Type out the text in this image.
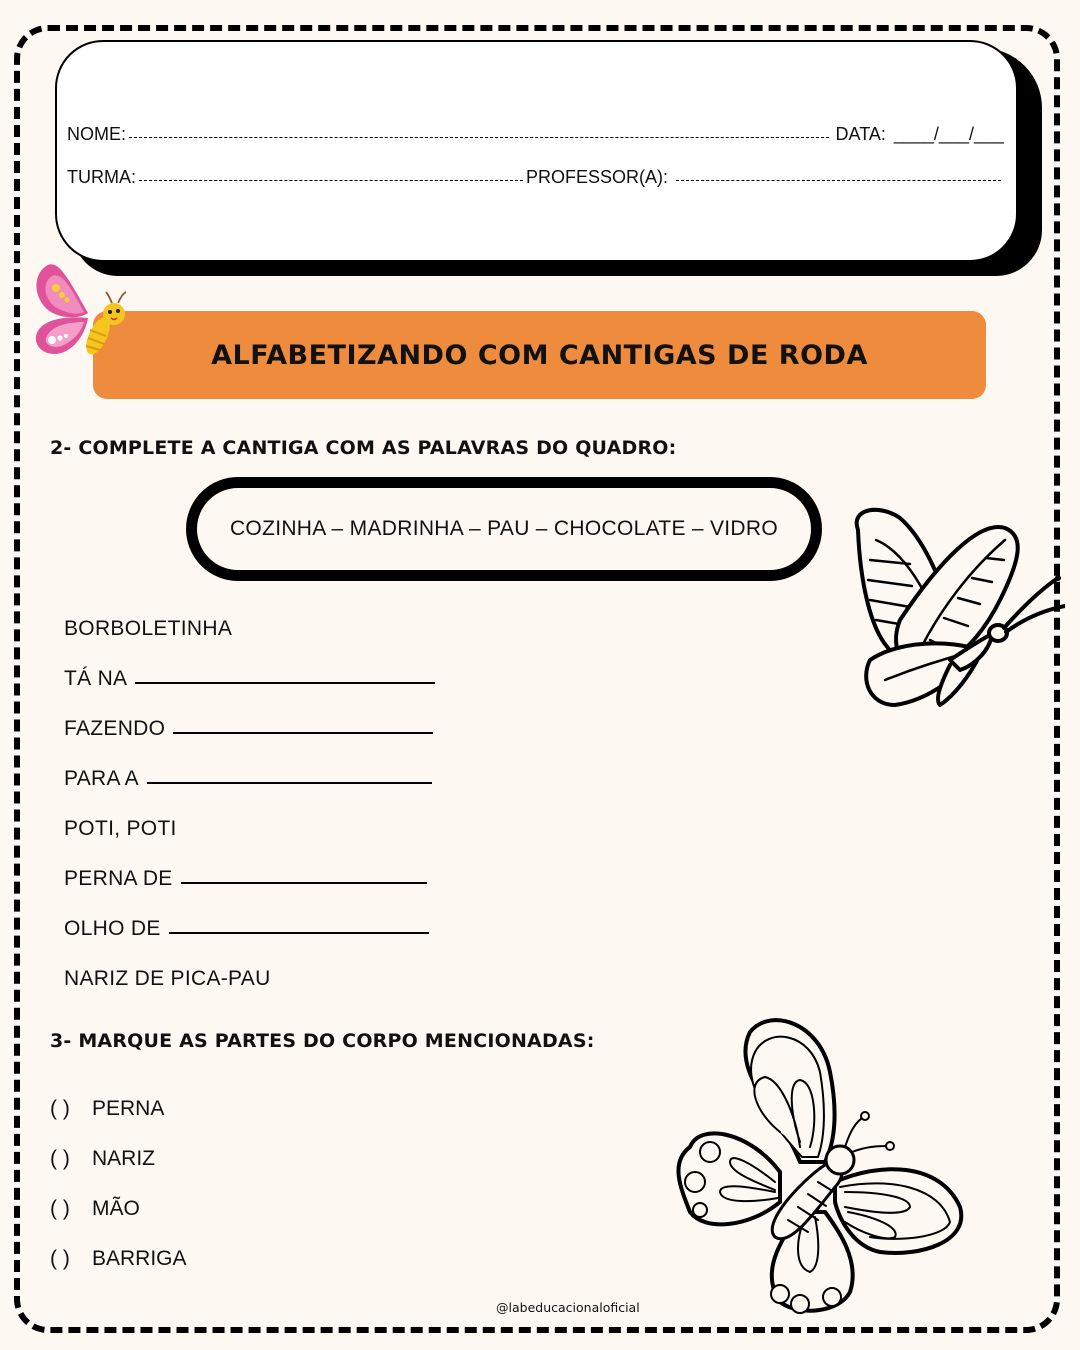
NOME:	DATA: ____/___/___
TURMA:	PROFESSOR(A):
ALFABETIZANDO COM CANTIGAS DE RODA
2- COMPLETE A CANTIGA COM AS PALAVRAS DO QUADRO:
COZINHA – MADRINHA – PAU – CHOCOLATE – VIDRO
BORBOLETINHA
TÁ NA
FAZENDO
PARA A
POTI, POTI
PERNA DE
OLHO DE
NARIZ DE PICA-PAU
3- MARQUE AS PARTES DO CORPO MENCIONADAS:
( ) PERNA
( ) NARIZ
( ) MÃO
( ) BARRIGA
@labeducacionaloficial
